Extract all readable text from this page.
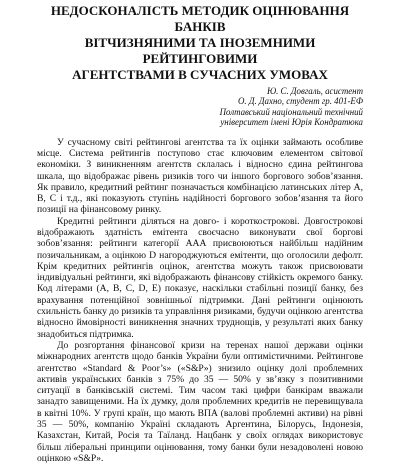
НЕДОСКОНАЛІСТЬ МЕТОДИК ОЦІНЮВАННЯ БАНКІВ
ВІТЧИЗНЯНИМИ ТА ІНОЗЕМНИМИ РЕЙТИНГОВИМИ
АГЕНТСТВАМИ В СУЧАСНИХ УМОВАХ
Ю. С. Довгаль, асистент
О. Д. Дахно, студент гр. 401-ЕФ
Полтавський національний технічний
університет імені Юрія Кондратюка

У сучасному світі рейтингові агентства та їх оцінки займають особливе місце. Система рейтингів поступово стає ключовим елементом світової економіки. З виникненням агентств склалась і відносно єдина рейтингова шкала, що відображає рівень ризиків того чи іншого боргового зобов’язання. Як правило, кредитний рейтинг позначається комбінацією латинських літер A, B, C і т.д., які показують ступінь надійності боргового зобов’язання та його позиції на фінансовому ринку.

Кредитні рейтинги діляться на довго- і короткострокові. Довгострокові відображають здатність емітента своєчасно виконувати свої боргові зобов’язання: рейтинги категорії ААА присвоюються найбільш надійним позичальникам, а оцінкою D нагороджуються емітенти, що оголосили дефолт. Крім кредитних рейтингів оцінок, агентства можуть також присвоювати індивідуальні рейтинги, які відображають фінансову стійкість окремого банку. Код літерами (A, B, C, D, E) показує, наскільки стабільні позиції банку, без врахування потенційної зовнішньої підтримки. Дані рейтинги оцінюють схильність банку до ризиків та управління ризиками, будучи оцінкою агентства відносно ймовірності виникнення значних труднощів, у результаті яких банку знадобиться підтримка.

До розгортання фінансової кризи на теренах нашої держави оцінки міжнародних агентств щодо банків України були оптимістичними. Рейтингове агентство «Standard & Poor’s» («S&P») знизило оцінку долі проблемних активів українських банків з 75% до 35 — 50% у зв’язку з позитивними ситуації в банківській системі. Тим часом такі цифри банкірам вважали занадто завищеними. На їх думку, доля проблемних кредитів не перевищувала в квітні 10%. У групі країн, що мають ВПА (валові проблемні активи) на рівні 35 — 50%, компанію Україні складають Аргентина, Білорусь, Індонезія, Казахстан, Китай, Росія та Таїланд. Нацбанк у своїх оглядах використовує більш ліберальні принципи оцінювання, тому банки були незадоволені новою оцінкою «S&P».
